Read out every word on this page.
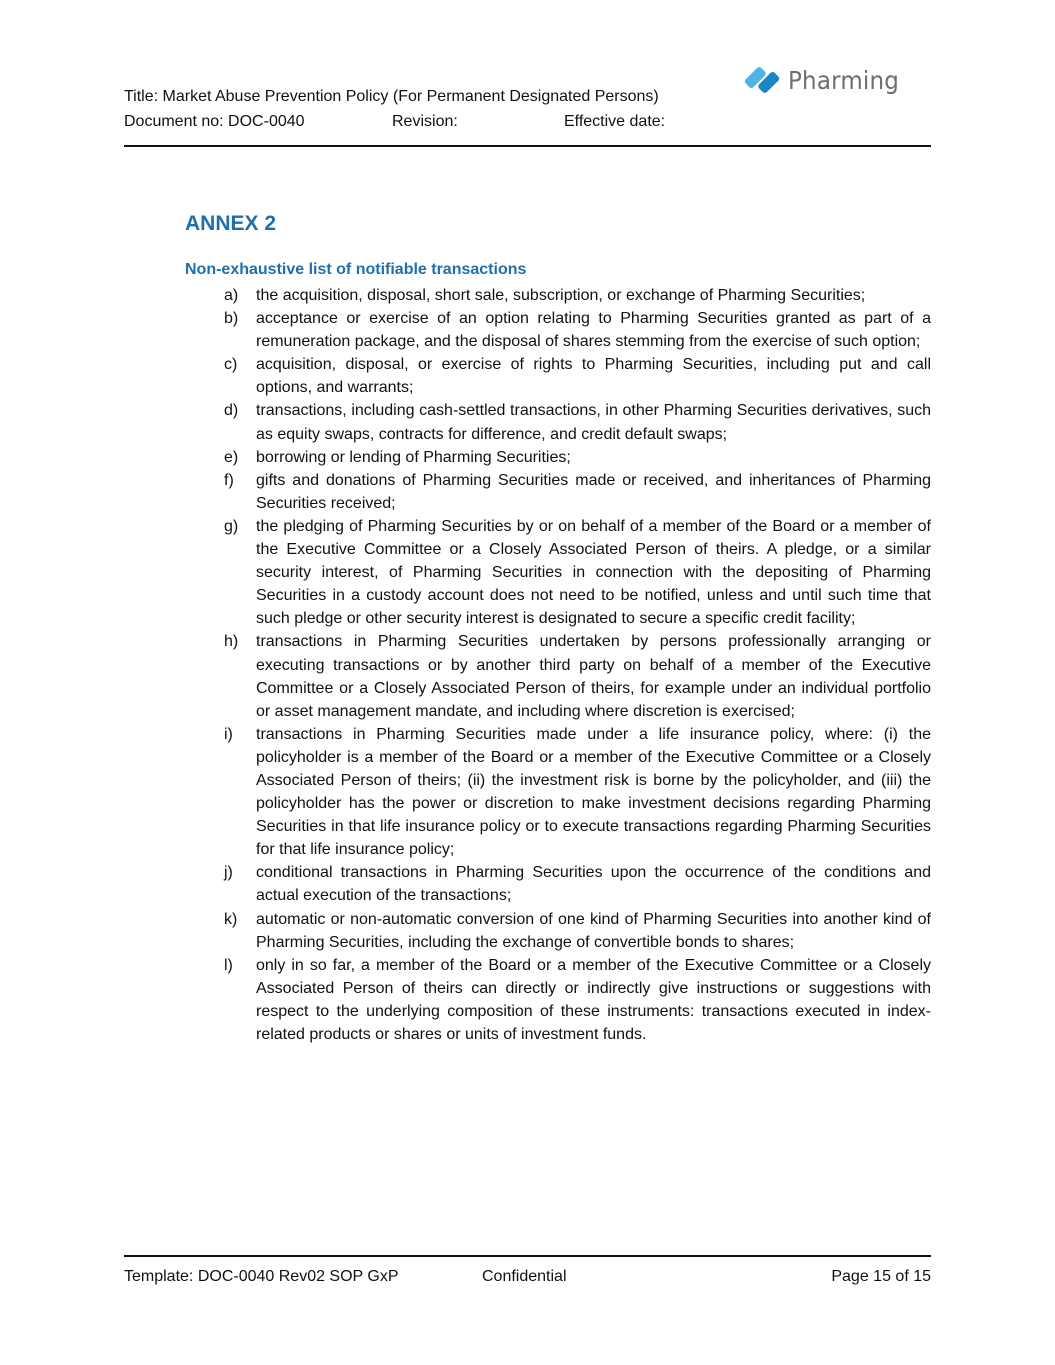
Title: Market Abuse Prevention Policy (For Permanent Designated Persons)
Document no: DOC-0040	Revision:	Effective date:
Pharming
ANNEX 2
Non-exhaustive list of notifiable transactions
a) the acquisition, disposal, short sale, subscription, or exchange of Pharming Securities;
b) acceptance or exercise of an option relating to Pharming Securities granted as part of a remuneration package, and the disposal of shares stemming from the exercise of such option;
c) acquisition, disposal, or exercise of rights to Pharming Securities, including put and call options, and warrants;
d) transactions, including cash-settled transactions, in other Pharming Securities derivatives, such as equity swaps, contracts for difference, and credit default swaps;
e) borrowing or lending of Pharming Securities;
f) gifts and donations of Pharming Securities made or received, and inheritances of Pharming Securities received;
g) the pledging of Pharming Securities by or on behalf of a member of the Board or a member of the Executive Committee or a Closely Associated Person of theirs. A pledge, or a similar security interest, of Pharming Securities in connection with the depositing of Pharming Securities in a custody account does not need to be notified, unless and until such time that such pledge or other security interest is designated to secure a specific credit facility;
h) transactions in Pharming Securities undertaken by persons professionally arranging or executing transactions or by another third party on behalf of a member of the Executive Committee or a Closely Associated Person of theirs, for example under an individual portfolio or asset management mandate, and including where discretion is exercised;
i) transactions in Pharming Securities made under a life insurance policy, where: (i) the policyholder is a member of the Board or a member of the Executive Committee or a Closely Associated Person of theirs; (ii) the investment risk is borne by the policyholder, and (iii) the policyholder has the power or discretion to make investment decisions regarding Pharming Securities in that life insurance policy or to execute transactions regarding Pharming Securities for that life insurance policy;
j) conditional transactions in Pharming Securities upon the occurrence of the conditions and actual execution of the transactions;
k) automatic or non-automatic conversion of one kind of Pharming Securities into another kind of Pharming Securities, including the exchange of convertible bonds to shares;
l) only in so far, a member of the Board or a member of the Executive Committee or a Closely Associated Person of theirs can directly or indirectly give instructions or suggestions with respect to the underlying composition of these instruments: transactions executed in index-related products or shares or units of investment funds.
Template: DOC-0040 Rev02 SOP GxP	Confidential	Page 15 of 15
